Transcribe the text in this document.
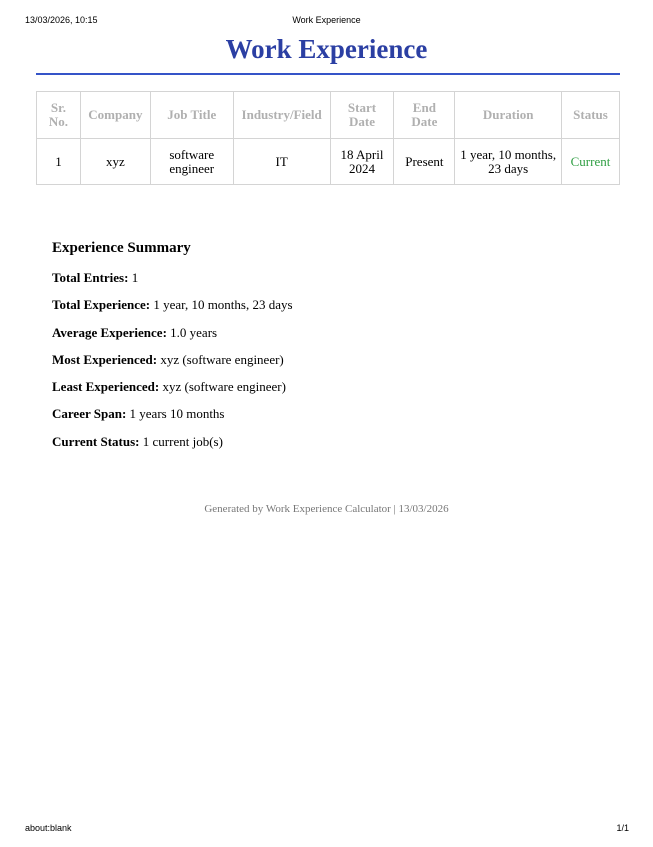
13/03/2026, 10:15	Work Experience
Work Experience
Sr. No.	Company	Job Title	Industry/Field	Start Date	End Date	Duration	Status
1	xyz	software engineer	IT	18 April 2024	Present	1 year, 10 months, 23 days	Current
Experience Summary
Total Entries: 1
Total Experience: 1 year, 10 months, 23 days
Average Experience: 1.0 years
Most Experienced: xyz (software engineer)
Least Experienced: xyz (software engineer)
Career Span: 1 years 10 months
Current Status: 1 current job(s)
Generated by Work Experience Calculator | 13/03/2026
about:blank	1/1
